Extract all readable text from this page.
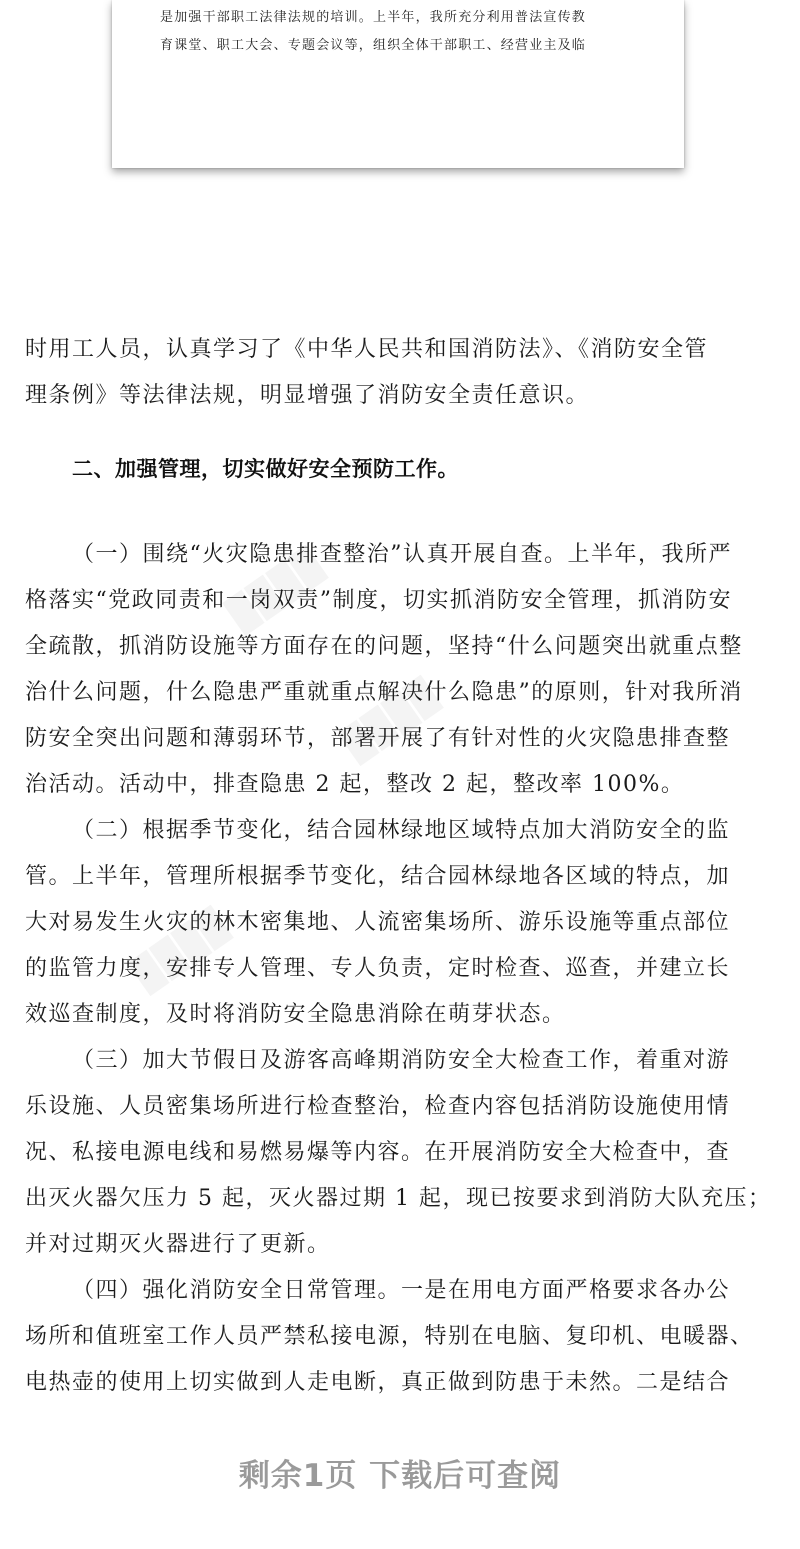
是加强干部职工法律法规的培训。上半年，我所充分利用普法宣传教
育课堂、职工大会、专题会议等，组织全体干部职工、经营业主及临
▉▉▉▉
▉▉▉▉
▉▉▉▉
时用工人员，认真学习了《中华人民共和国消防法》、《消防安全管
理条例》等法律法规，明显增强了消防安全责任意识。
二、加强管理，切实做好安全预防工作。
（一）围绕“火灾隐患排查整治”认真开展自查。上半年，我所严
格落实“党政同责和一岗双责”制度，切实抓消防安全管理，抓消防安
全疏散，抓消防设施等方面存在的问题，坚持“什么问题突出就重点整
治什么问题，什么隐患严重就重点解决什么隐患”的原则，针对我所消
防安全突出问题和薄弱环节，部署开展了有针对性的火灾隐患排查整
治活动。活动中，排查隐患 2 起，整改 2 起，整改率 100%。
（二）根据季节变化，结合园林绿地区域特点加大消防安全的监
管。上半年，管理所根据季节变化，结合园林绿地各区域的特点，加
大对易发生火灾的林木密集地、人流密集场所、游乐设施等重点部位
的监管力度，安排专人管理、专人负责，定时检查、巡查，并建立长
效巡查制度，及时将消防安全隐患消除在萌芽状态。
（三）加大节假日及游客高峰期消防安全大检查工作，着重对游
乐设施、人员密集场所进行检查整治，检查内容包括消防设施使用情
况、私接电源电线和易燃易爆等内容。在开展消防安全大检查中，查
出灭火器欠压力 5 起，灭火器过期 1 起，现已按要求到消防大队充压；
并对过期灭火器进行了更新。
（四）强化消防安全日常管理。一是在用电方面严格要求各办公
场所和值班室工作人员严禁私接电源，特别在电脑、复印机、电暖器、
电热壶的使用上切实做到人走电断，真正做到防患于未然。二是结合
剩余1页 下载后可查阅
